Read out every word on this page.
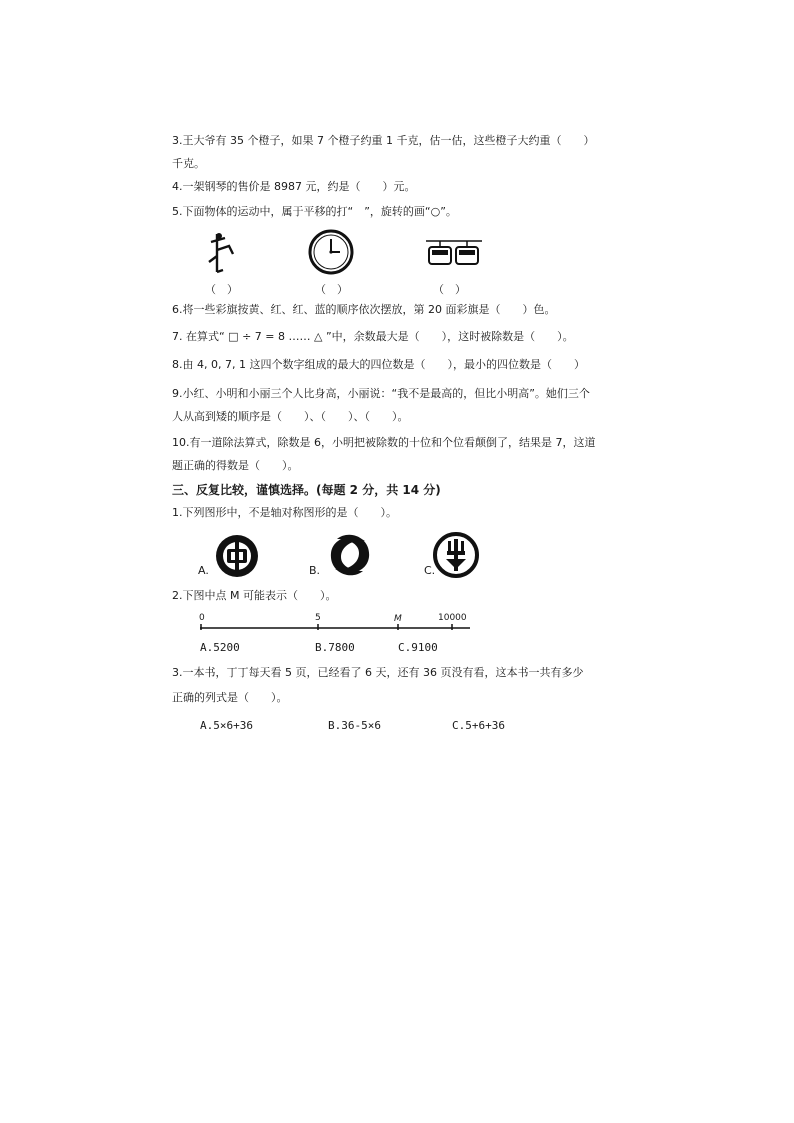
3.王大爷有 35 个橙子，如果 7 个橙子约重 1 千克，估一估，这些橙子大约重（　　）
千克。
4.一架钢琴的售价是 8987 元，约是（　　）元。
5.下面物体的运动中，属于平移的打“　”，旋转的画“○”。
（　）	（　）	（　）
6.将一些彩旗按黄、红、红、蓝的顺序依次摆放，第 20 面彩旗是（　　）色。
7. 在算式“ □ ÷ 7 = 8 …… △ ”中，余数最大是（　　），这时被除数是（　　）。
8.由 4, 0, 7, 1 这四个数字组成的最大的四位数是（　　），最小的四位数是（　　）
9.小红、小明和小丽三个人比身高，小丽说：“我不是最高的，但比小明高”。她们三个
人从高到矮的顺序是（　　）、（　　）、（　　）。
10.有一道除法算式，除数是 6，小明把被除数的十位和个位看颠倒了，结果是 7，这道
题正确的得数是（　　）。
三、反复比较，谨慎选择。(每题 2 分，共 14 分)
1.下列图形中，不是轴对称图形的是（　　）。
A.	B.	C.
2.下图中点 M 可能表示（　　）。
0	5	M	10000
A.5200	B.7800	C.9100
3.一本书，丁丁每天看 5 页，已经看了 6 天，还有 36 页没有看，这本书一共有多少
正确的列式是（　　）。
A.5×6+36	B.36-5×6	C.5+6+36
